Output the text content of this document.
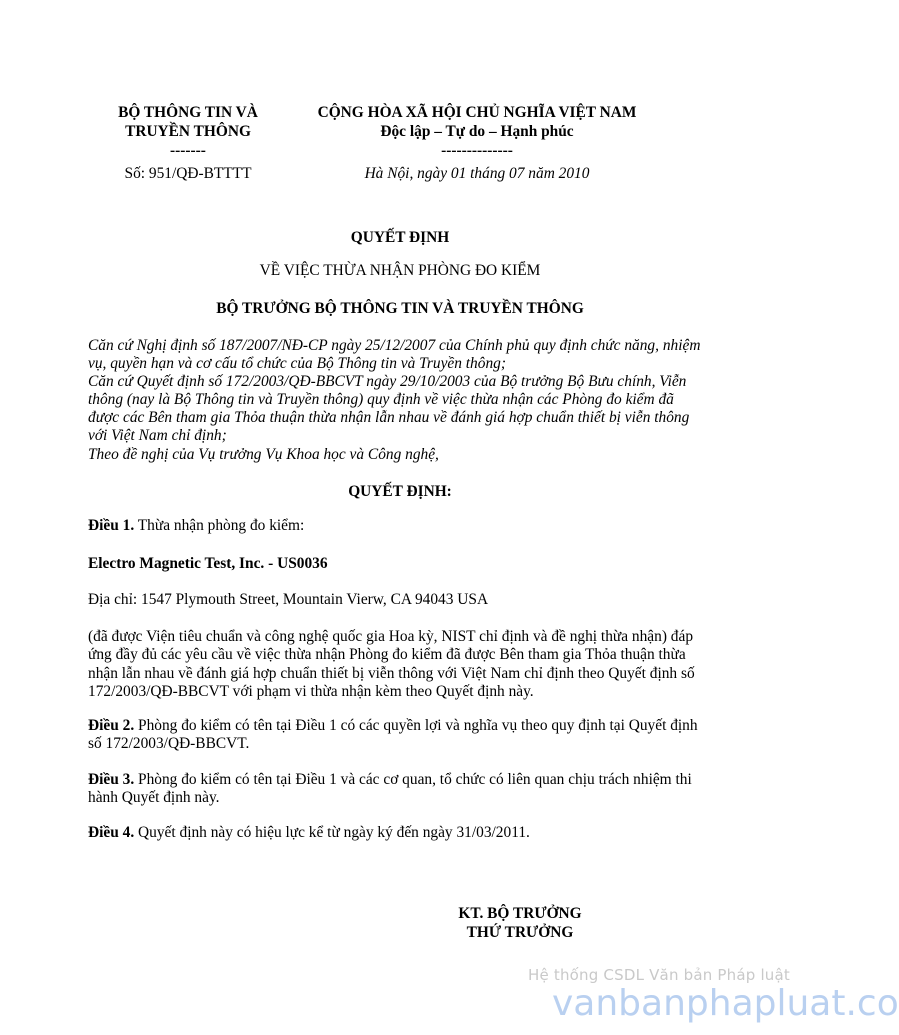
BỘ THÔNG TIN VÀ
TRUYỀN THÔNG
-------
CỘNG HÒA XÃ HỘI CHỦ NGHĨA VIỆT NAM
Độc lập – Tự do – Hạnh phúc
--------------
Số: 951/QĐ-BTTTT	Hà Nội, ngày 01 tháng 07 năm 2010
QUYẾT ĐỊNH
VỀ VIỆC THỪA NHẬN PHÒNG ĐO KIỂM
BỘ TRƯỞNG BỘ THÔNG TIN VÀ TRUYỀN THÔNG
Căn cứ Nghị định số 187/2007/NĐ-CP ngày 25/12/2007 của Chính phủ quy định chức năng, nhiệm vụ, quyền hạn và cơ cấu tổ chức của Bộ Thông tin và Truyền thông;
Căn cứ Quyết định số 172/2003/QĐ-BBCVT ngày 29/10/2003 của Bộ trưởng Bộ Bưu chính, Viễn thông (nay là Bộ Thông tin và Truyền thông) quy định về việc thừa nhận các Phòng đo kiểm đã được các Bên tham gia Thỏa thuận thừa nhận lẫn nhau về đánh giá hợp chuẩn thiết bị viễn thông với Việt Nam chỉ định;
Theo đề nghị của Vụ trưởng Vụ Khoa học và Công nghệ,
QUYẾT ĐỊNH:
Điều 1. Thừa nhận phòng đo kiểm:
Electro Magnetic Test, Inc. - US0036
Địa chỉ: 1547 Plymouth Street, Mountain Vierw, CA 94043 USA
(đã được Viện tiêu chuẩn và công nghệ quốc gia Hoa kỳ, NIST chỉ định và đề nghị thừa nhận) đáp ứng đầy đủ các yêu cầu về việc thừa nhận Phòng đo kiểm đã được Bên tham gia Thỏa thuận thừa nhận lẫn nhau về đánh giá hợp chuẩn thiết bị viễn thông với Việt Nam chỉ định theo Quyết định số 172/2003/QĐ-BBCVT với phạm vi thừa nhận kèm theo Quyết định này.
Điều 2. Phòng đo kiểm có tên tại Điều 1 có các quyền lợi và nghĩa vụ theo quy định tại Quyết định số 172/2003/QĐ-BBCVT.
Điều 3. Phòng đo kiểm có tên tại Điều 1 và các cơ quan, tổ chức có liên quan chịu trách nhiệm thi hành Quyết định này.
Điều 4. Quyết định này có hiệu lực kể từ ngày ký đến ngày 31/03/2011.
KT. BỘ TRƯỞNG
THỨ TRƯỞNG
Hệ thống CSDL Văn bản Pháp luật
vanbanphapluat.co
